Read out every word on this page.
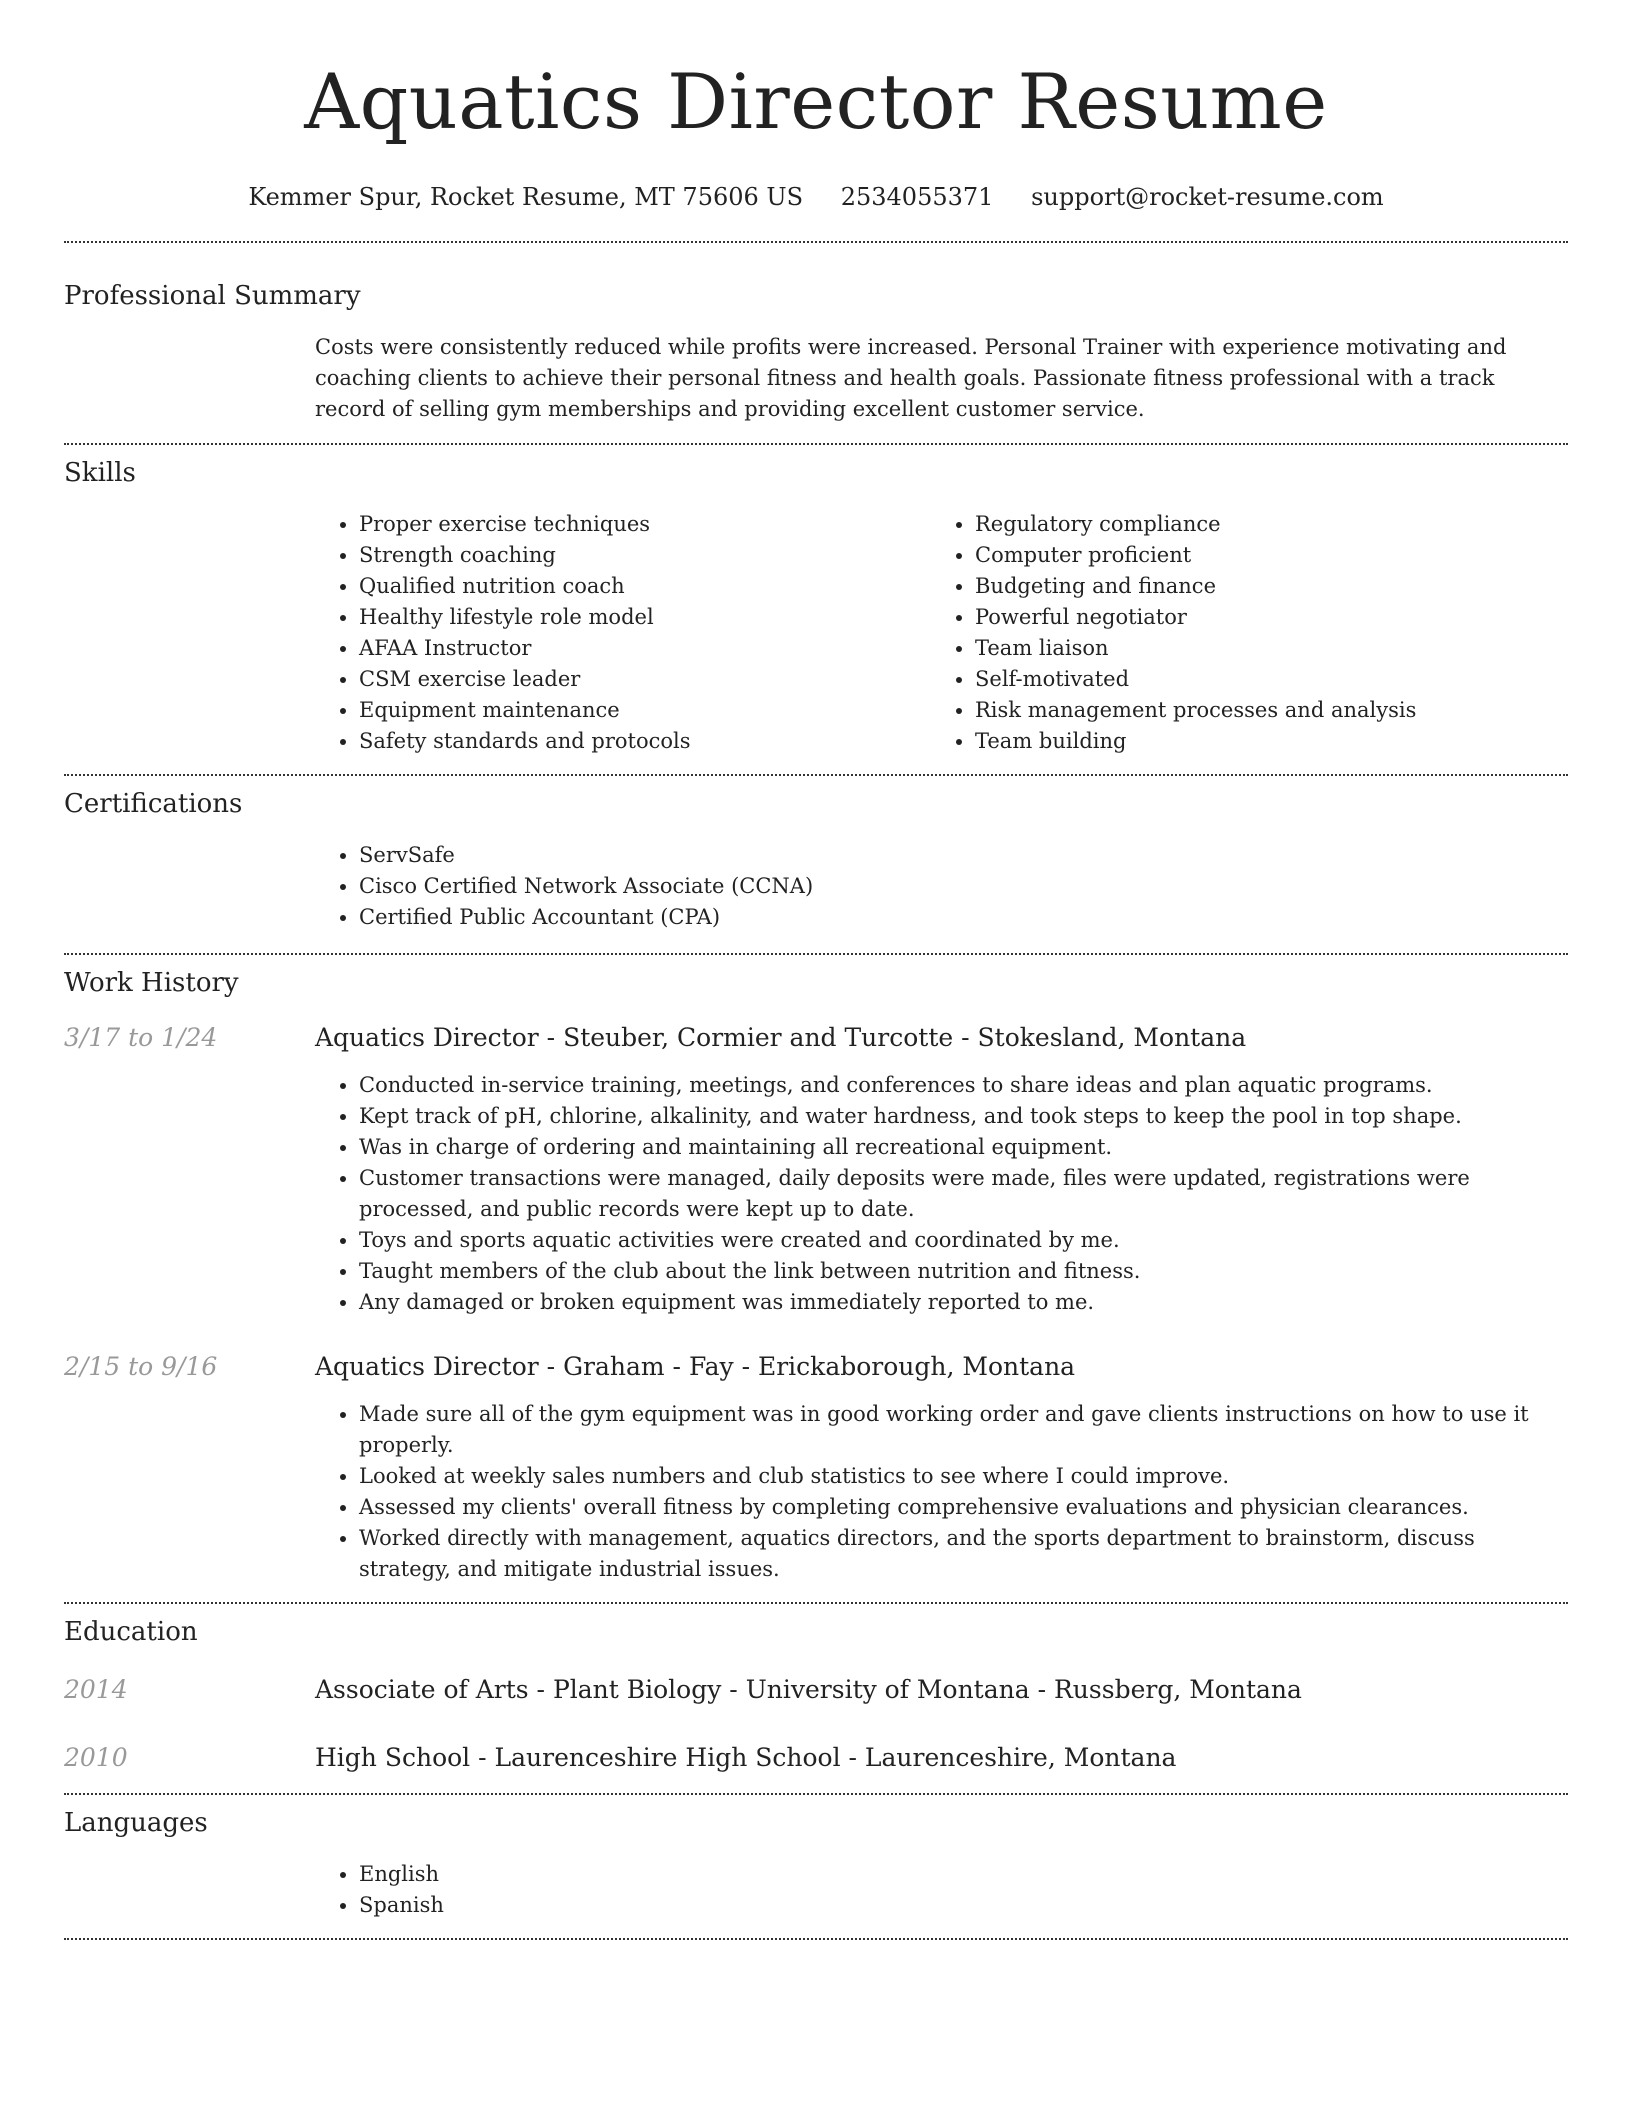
Aquatics Director Resume
Kemmer Spur, Rocket Resume, MT 75606 US 2534055371 support@rocket-resume.com
Professional Summary
Costs were consistently reduced while profits were increased. Personal Trainer with experience motivating and coaching clients to achieve their personal fitness and health goals. Passionate fitness professional with a track record of selling gym memberships and providing excellent customer service.
Skills
• Proper exercise techniques
• Strength coaching
• Qualified nutrition coach
• Healthy lifestyle role model
• AFAA Instructor
• CSM exercise leader
• Equipment maintenance
• Safety standards and protocols
• Regulatory compliance
• Computer proficient
• Budgeting and finance
• Powerful negotiator
• Team liaison
• Self-motivated
• Risk management processes and analysis
• Team building
Certifications
• ServSafe
• Cisco Certified Network Associate (CCNA)
• Certified Public Accountant (CPA)
Work History
3/17 to 1/24	Aquatics Director - Steuber, Cormier and Turcotte - Stokesland, Montana
• Conducted in-service training, meetings, and conferences to share ideas and plan aquatic programs.
• Kept track of pH, chlorine, alkalinity, and water hardness, and took steps to keep the pool in top shape.
• Was in charge of ordering and maintaining all recreational equipment.
• Customer transactions were managed, daily deposits were made, files were updated, registrations were processed, and public records were kept up to date.
• Toys and sports aquatic activities were created and coordinated by me.
• Taught members of the club about the link between nutrition and fitness.
• Any damaged or broken equipment was immediately reported to me.
2/15 to 9/16	Aquatics Director - Graham - Fay - Erickaborough, Montana
• Made sure all of the gym equipment was in good working order and gave clients instructions on how to use it properly.
• Looked at weekly sales numbers and club statistics to see where I could improve.
• Assessed my clients' overall fitness by completing comprehensive evaluations and physician clearances.
• Worked directly with management, aquatics directors, and the sports department to brainstorm, discuss strategy, and mitigate industrial issues.
Education
2014	Associate of Arts - Plant Biology - University of Montana - Russberg, Montana
2010	High School - Laurenceshire High School - Laurenceshire, Montana
Languages
• English
• Spanish
